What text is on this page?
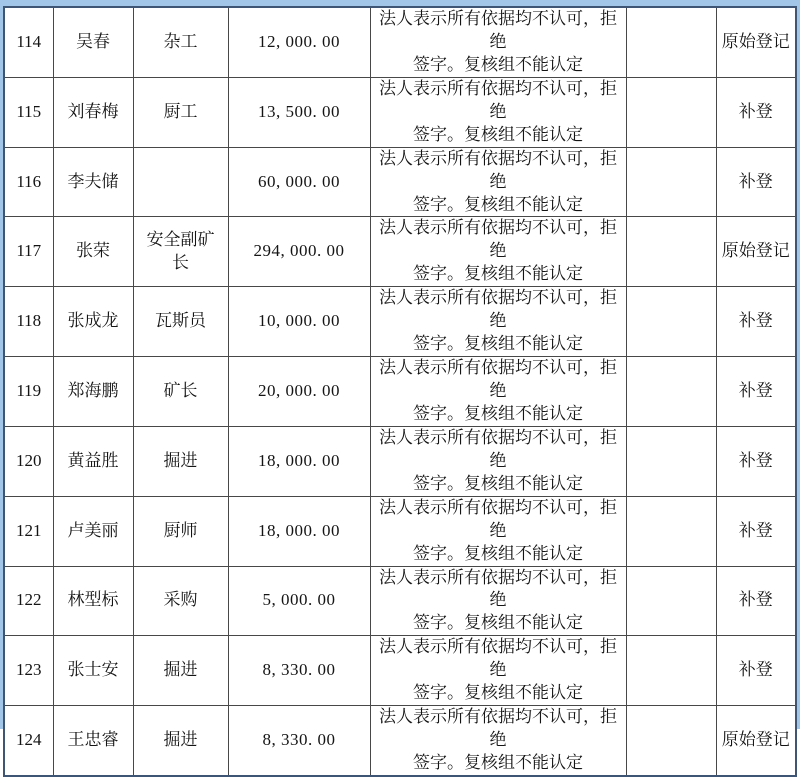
114	吴春	杂工	12, 000. 00	法人表示所有依据均不认可，拒绝
签字。复核组不能认定		原始登记
115	刘春梅	厨工	13, 500. 00	法人表示所有依据均不认可，拒绝
签字。复核组不能认定		补登
116	李夫储		60, 000. 00	法人表示所有依据均不认可，拒绝
签字。复核组不能认定		补登
117	张荣	安全副矿
长	294, 000. 00	法人表示所有依据均不认可，拒绝
签字。复核组不能认定		原始登记
118	张成龙	瓦斯员	10, 000. 00	法人表示所有依据均不认可，拒绝
签字。复核组不能认定		补登
119	郑海鹏	矿长	20, 000. 00	法人表示所有依据均不认可，拒绝
签字。复核组不能认定		补登
120	黄益胜	掘进	18, 000. 00	法人表示所有依据均不认可，拒绝
签字。复核组不能认定		补登
121	卢美丽	厨师	18, 000. 00	法人表示所有依据均不认可，拒绝
签字。复核组不能认定		补登
122	林型标	采购	5, 000. 00	法人表示所有依据均不认可，拒绝
签字。复核组不能认定		补登
123	张士安	掘进	8, 330. 00	法人表示所有依据均不认可，拒绝
签字。复核组不能认定		补登
124	王忠睿	掘进	8, 330. 00	法人表示所有依据均不认可，拒绝
签字。复核组不能认定		原始登记
